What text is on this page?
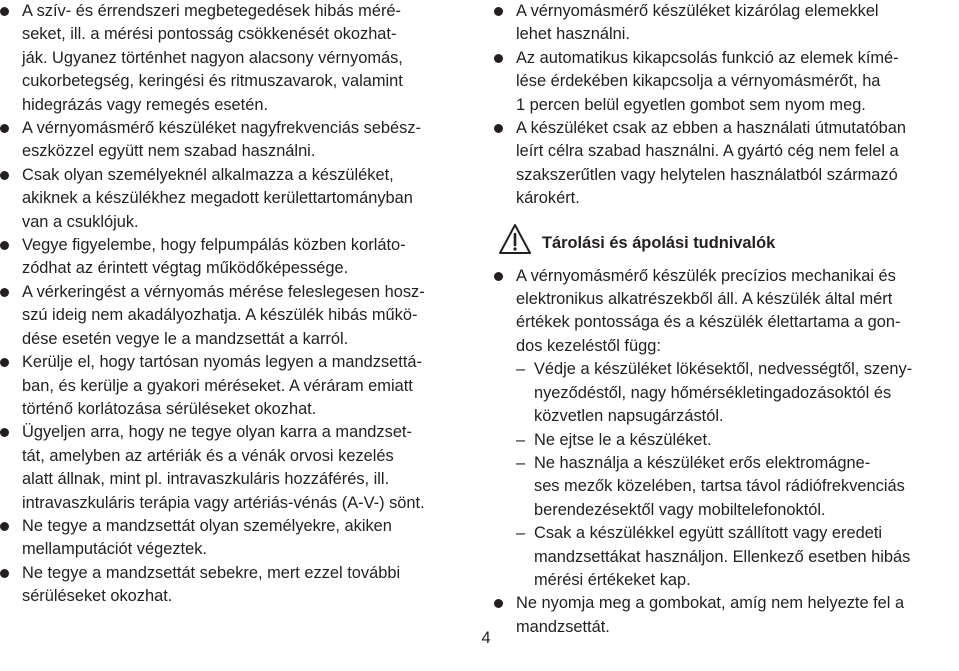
A szív- és érrendszeri megbetegedések hibás méré-
seket, ill. a mérési pontosság csökkenését okozhat-
ják. Ugyanez történhet nagyon alacsony vérnyomás,
cukorbetegség, keringési és ritmuszavarok, valamint
hidegrázás vagy remegés esetén.
A vérnyomásmérő készüléket nagyfrekvenciás sebész-
eszközzel együtt nem szabad használni.
Csak olyan személyeknél alkalmazza a készüléket,
akiknek a készülékhez megadott kerülettartományban
van a csuklójuk.
Vegye figyelembe, hogy felpumpálás közben korláto-
zódhat az érintett végtag működőképessége.
A vérkeringést a vérnyomás mérése feleslegesen hosz-
szú ideig nem akadályozhatja. A készülék hibás műkö-
dése esetén vegye le a mandzsettát a karról.
Kerülje el, hogy tartósan nyomás legyen a mandzsettá-
ban, és kerülje a gyakori méréseket. A véráram emiatt
történő korlátozása sérüléseket okozhat.
Ügyeljen arra, hogy ne tegye olyan karra a mandzset-
tát, amelyben az artériák és a vénák orvosi kezelés
alatt állnak, mint pl. intravaszkuláris hozzáférés, ill.
intravaszkuláris terápia vagy artériás-vénás (A-V-) sönt.
Ne tegye a mandzsettát olyan személyekre, akiken
mellamputációt végeztek.
Ne tegye a mandzsettát sebekre, mert ezzel további
sérüléseket okozhat.
A vérnyomásmérő készüléket kizárólag elemekkel
lehet használni.
Az automatikus kikapcsolás funkció az elemek kímé-
lése érdekében kikapcsolja a vérnyomásmérőt, ha
1 percen belül egyetlen gombot sem nyom meg.
A készüléket csak az ebben a használati útmutatóban
leírt célra szabad használni. A gyártó cég nem felel a
szakszerűtlen vagy helytelen használatból származó
károkért.
Tárolási és ápolási tudnivalók
A vérnyomásmérő készülék precízios mechanikai és
elektronikus alkatrészekből áll. A készülék által mért
értékek pontossága és a készülék élettartama a gon-
dos kezeléstől függ:
– Védje a készüléket lökésektől, nedvességtől, szeny-
nyeződéstől, nagy hőmérsékletingadozásoktól és
közvetlen napsugárzástól.
– Ne ejtse le a készüléket.
– Ne használja a készüléket erős elektromágne-
ses mezők közelében, tartsa távol rádiófrekvenciás
berendezésektől vagy mobiltelefonoktól.
– Csak a készülékkel együtt szállított vagy eredeti
mandzsettákat használjon. Ellenkező esetben hibás
mérési értékeket kap.
Ne nyomja meg a gombokat, amíg nem helyezte fel a
mandzsettát.
4
